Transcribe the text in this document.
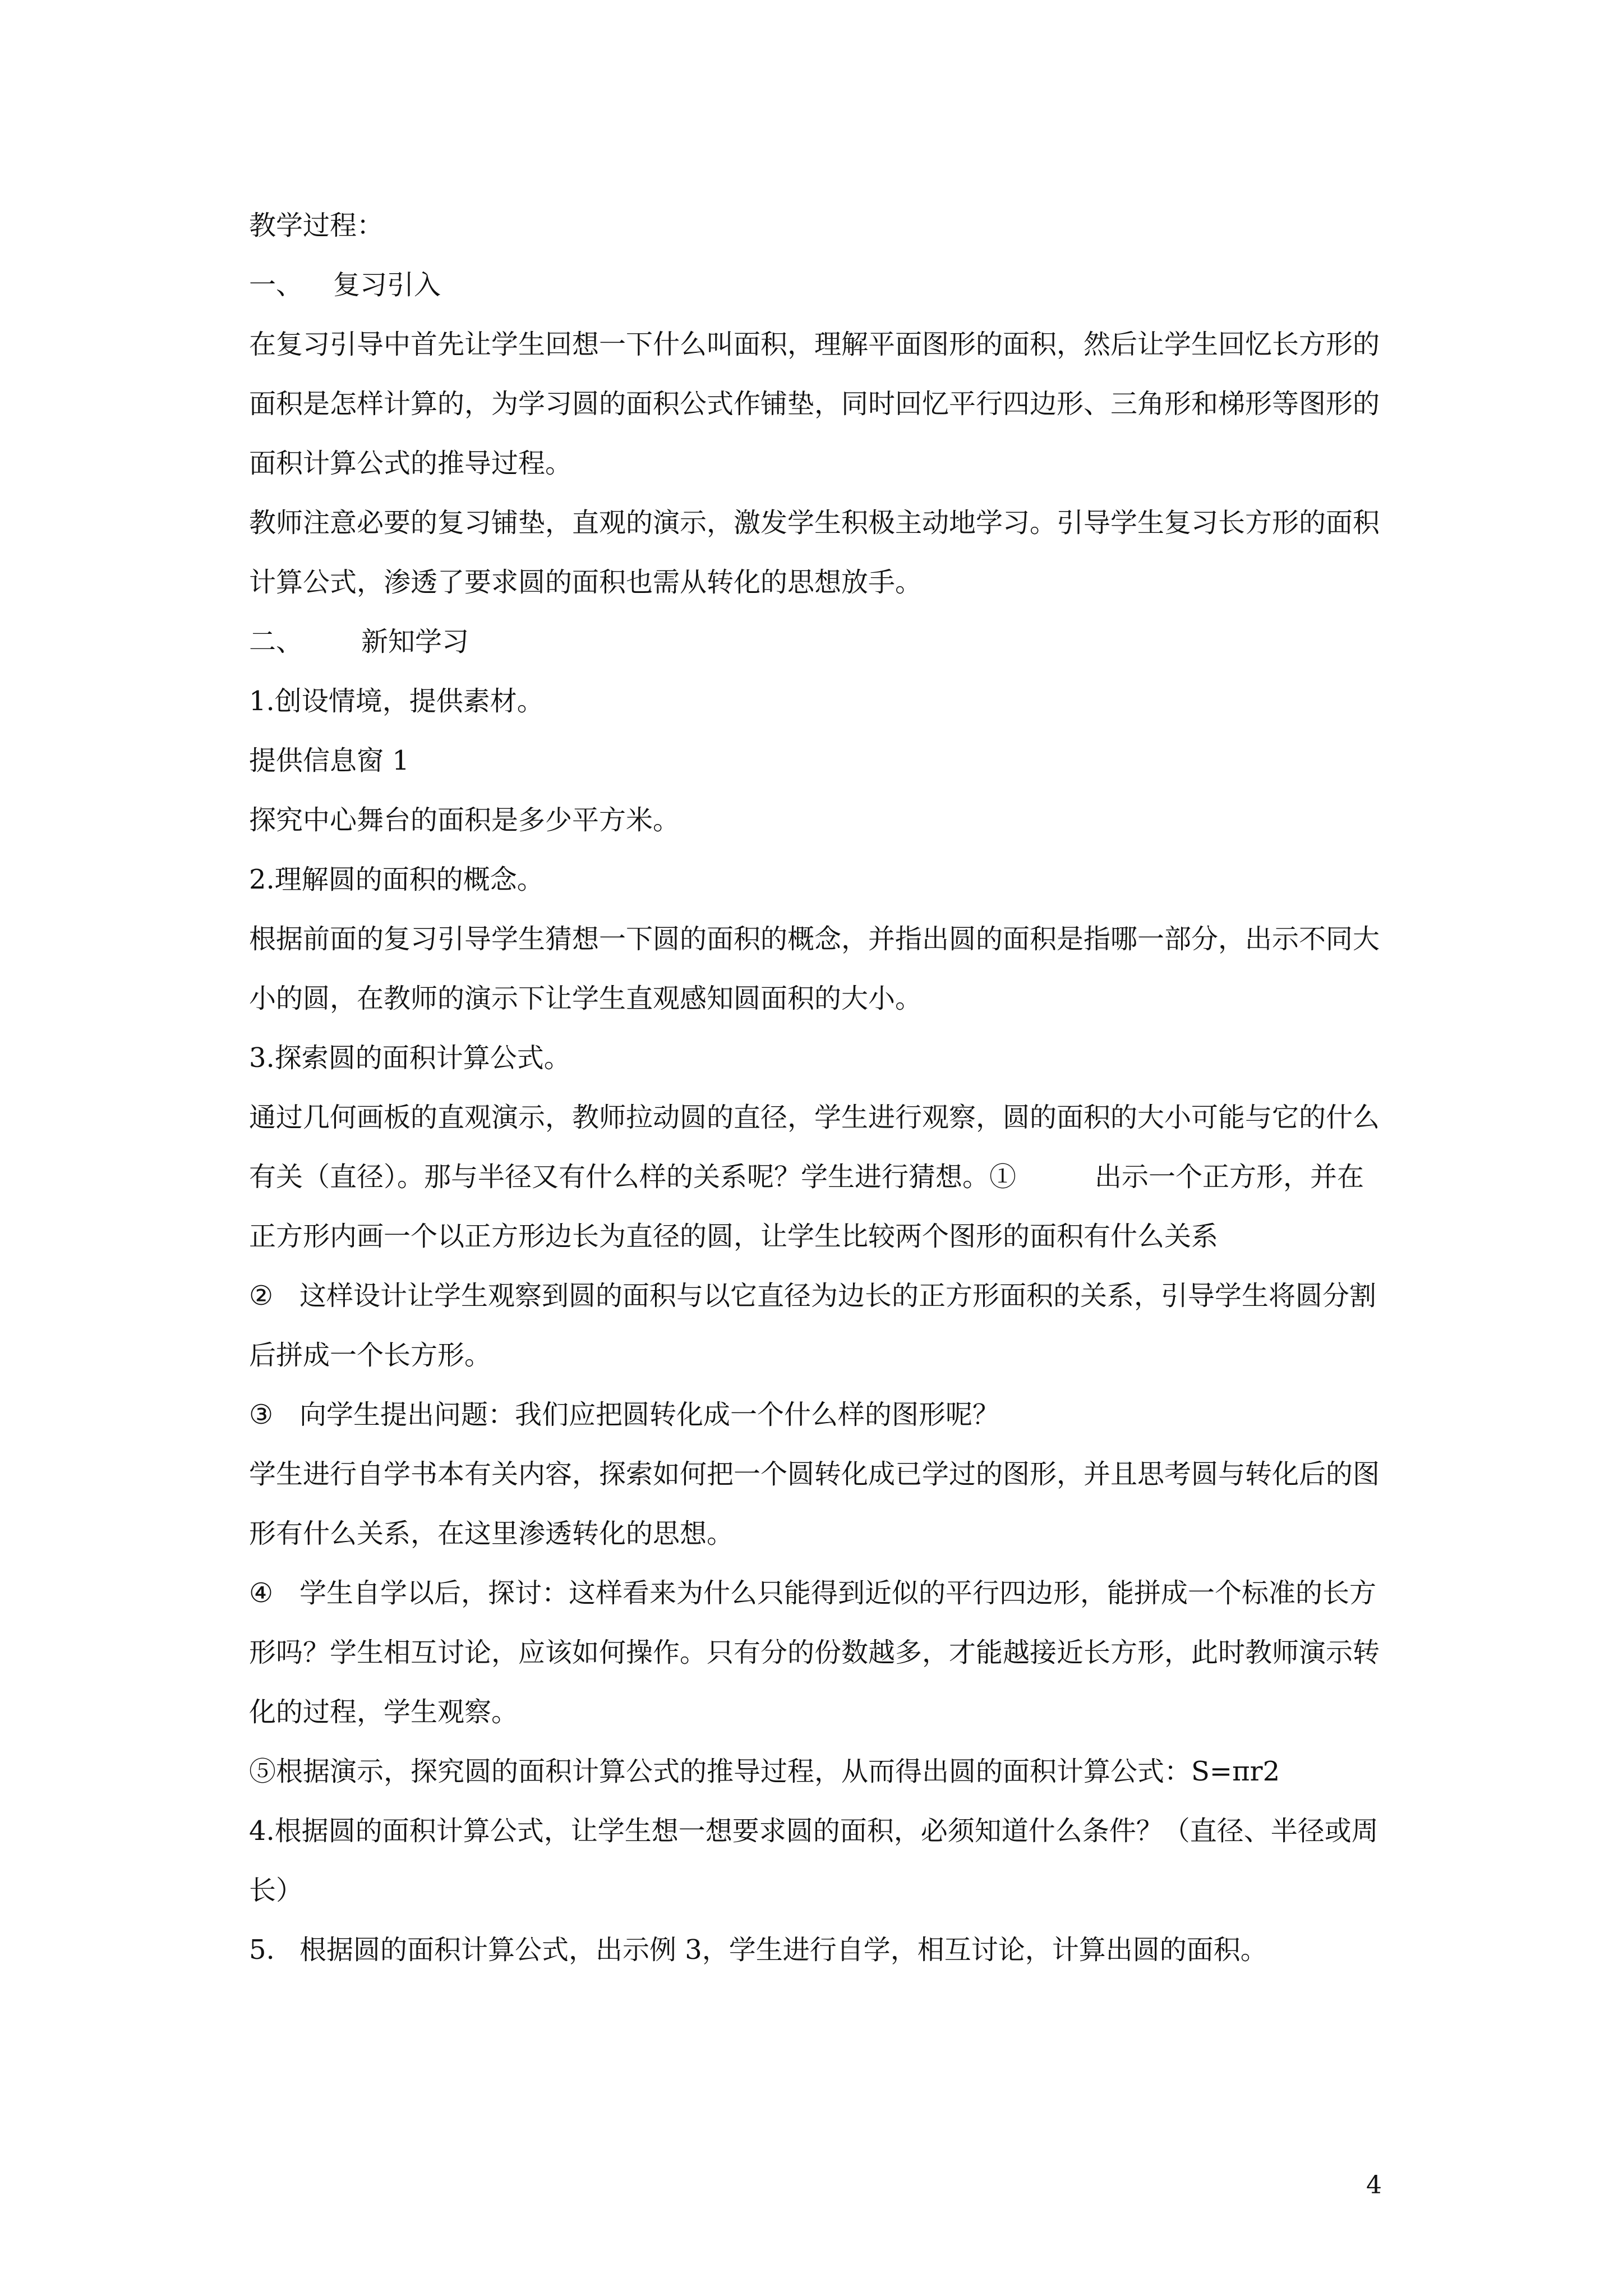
教学过程：
一、 复习引入
在复习引导中首先让学生回想一下什么叫面积，理解平面图形的面积，然后让学生回忆长方形的面积是怎样计算的，为学习圆的面积公式作铺垫，同时回忆平行四边形、三角形和梯形等图形的面积计算公式的推导过程。
教师注意必要的复习铺垫，直观的演示，激发学生积极主动地学习。引导学生复习长方形的面积计算公式，渗透了要求圆的面积也需从转化的思想放手。
二、 新知学习
1.创设情境，提供素材。
提供信息窗 1
探究中心舞台的面积是多少平方米。
2.理解圆的面积的概念。
根据前面的复习引导学生猜想一下圆的面积的概念，并指出圆的面积是指哪一部分，出示不同大小的圆，在教师的演示下让学生直观感知圆面积的大小。
3.探索圆的面积计算公式。
通过几何画板的直观演示，教师拉动圆的直径，学生进行观察，圆的面积的大小可能与它的什么有关（直径）。那与半径又有什么样的关系呢？学生进行猜想。①	出示一个正方形，并在正方形内画一个以正方形边长为直径的圆，让学生比较两个图形的面积有什么关系
② 这样设计让学生观察到圆的面积与以它直径为边长的正方形面积的关系，引导学生将圆分割后拼成一个长方形。
③ 向学生提出问题：我们应把圆转化成一个什么样的图形呢？
学生进行自学书本有关内容，探索如何把一个圆转化成已学过的图形，并且思考圆与转化后的图形有什么关系，在这里渗透转化的思想。
④ 学生自学以后，探讨：这样看来为什么只能得到近似的平行四边形，能拼成一个标准的长方形吗？学生相互讨论，应该如何操作。只有分的份数越多，才能越接近长方形，此时教师演示转化的过程，学生观察。
⑤根据演示，探究圆的面积计算公式的推导过程，从而得出圆的面积计算公式：S=πr2
4.根据圆的面积计算公式，让学生想一想要求圆的面积，必须知道什么条件？（直径、半径或周长）
5. 根据圆的面积计算公式，出示例 3，学生进行自学，相互讨论，计算出圆的面积。
4
